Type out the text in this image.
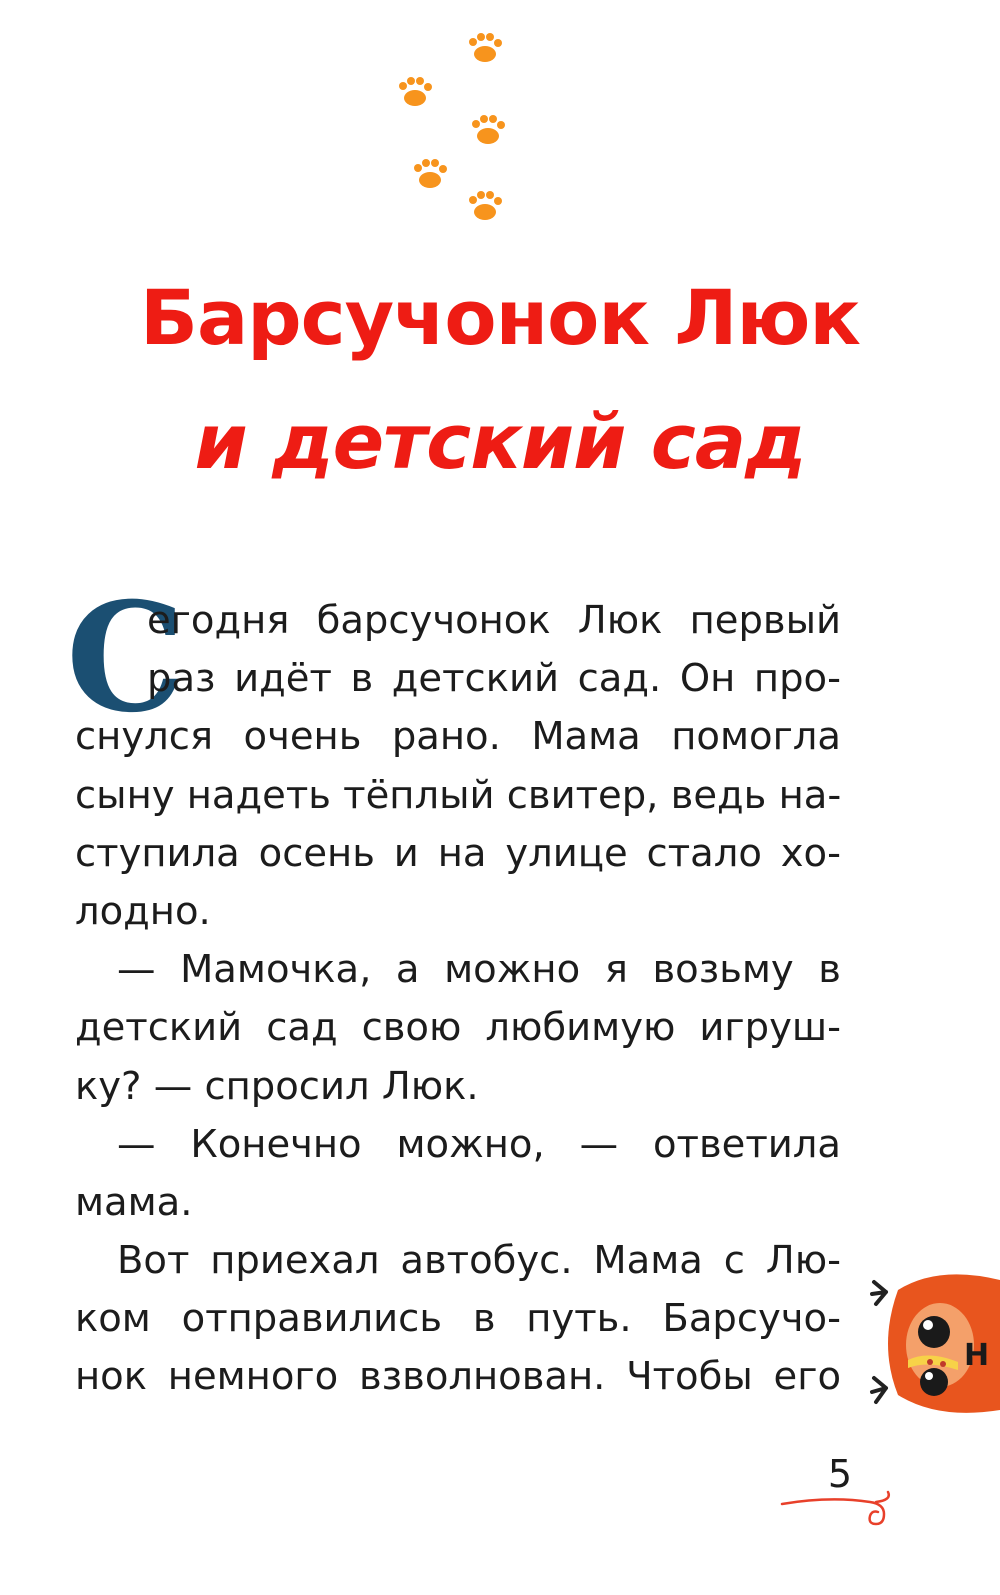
Барсучонок Люк
и детский сад
С
егодня барсучонок Люк первый
раз идёт в детский сад. Он про-
снулся очень рано. Мама помогла
сыну надеть тёплый свитер, ведь на-
ступила осень и на улице стало хо-
лодно.
— Мамочка, а можно я возьму в
детский сад свою любимую игруш-
ку? — спросил Люк.
— Конечно можно, — ответила
мама.
Вот приехал автобус. Мама с Лю-
ком отправились в путь. Барсучо-
нок немного взволнован. Чтобы его	H
5
